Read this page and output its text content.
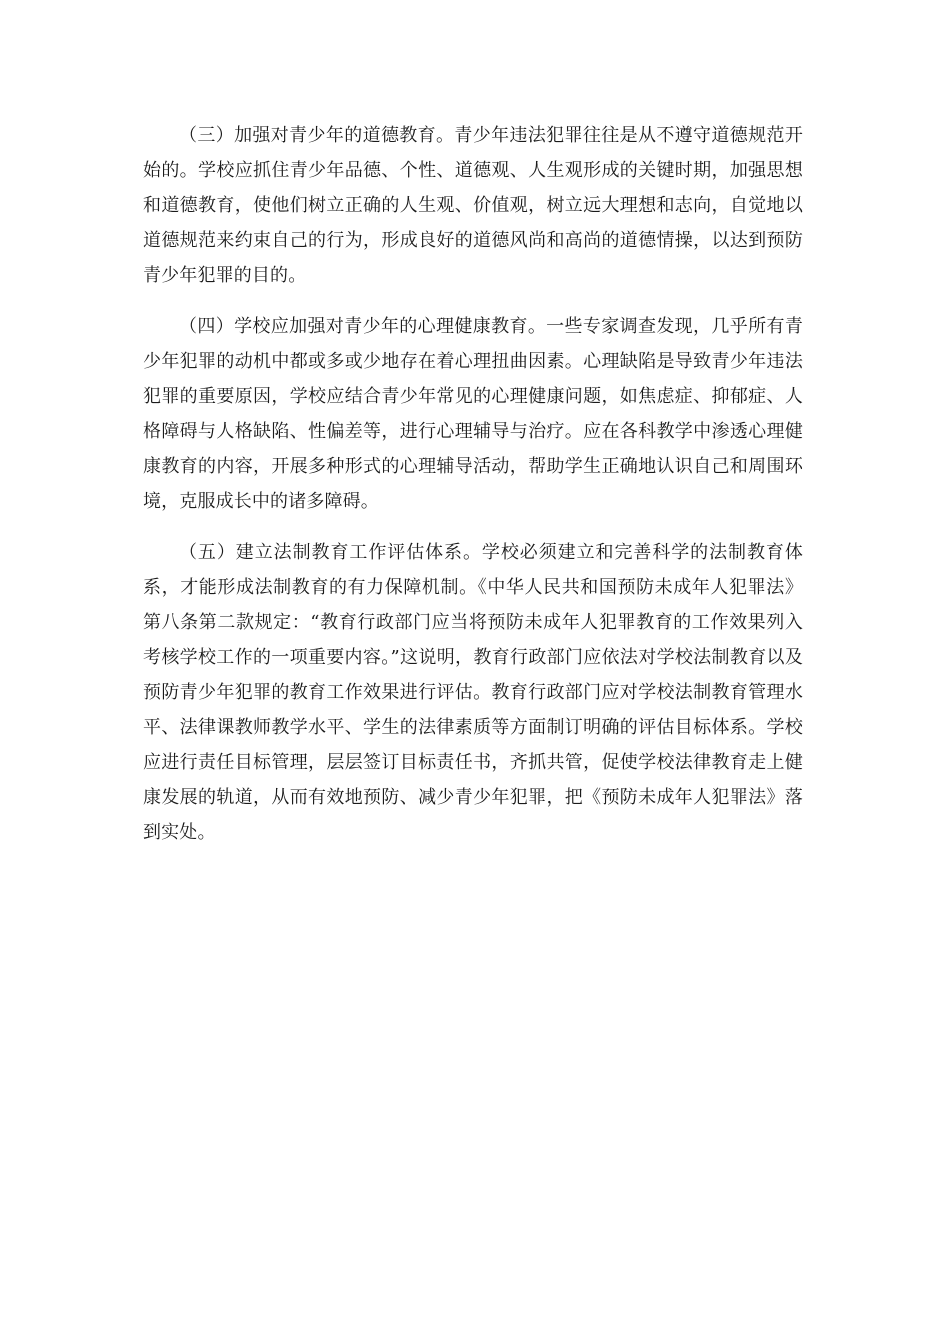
（三）加强对青少年的道德教育。青少年违法犯罪往往是从不遵守道德规范开始的。学校应抓住青少年品德、个性、道德观、人生观形成的关键时期，加强思想和道德教育，使他们树立正确的人生观、价值观，树立远大理想和志向，自觉地以道德规范来约束自己的行为，形成良好的道德风尚和高尚的道德情操，以达到预防青少年犯罪的目的。

（四）学校应加强对青少年的心理健康教育。一些专家调查发现，几乎所有青少年犯罪的动机中都或多或少地存在着心理扭曲因素。心理缺陷是导致青少年违法犯罪的重要原因，学校应结合青少年常见的心理健康问题，如焦虑症、抑郁症、人格障碍与人格缺陷、性偏差等，进行心理辅导与治疗。应在各科教学中渗透心理健康教育的内容，开展多种形式的心理辅导活动，帮助学生正确地认识自己和周围环境，克服成长中的诸多障碍。

（五）建立法制教育工作评估体系。学校必须建立和完善科学的法制教育体系，才能形成法制教育的有力保障机制。《中华人民共和国预防未成年人犯罪法》第八条第二款规定：“教育行政部门应当将预防未成年人犯罪教育的工作效果列入考核学校工作的一项重要内容。”这说明，教育行政部门应依法对学校法制教育以及预防青少年犯罪的教育工作效果进行评估。教育行政部门应对学校法制教育管理水平、法律课教师教学水平、学生的法律素质等方面制订明确的评估目标体系。学校应进行责任目标管理，层层签订目标责任书，齐抓共管，促使学校法律教育走上健康发展的轨道，从而有效地预防、减少青少年犯罪，把《预防未成年人犯罪法》落到实处。
